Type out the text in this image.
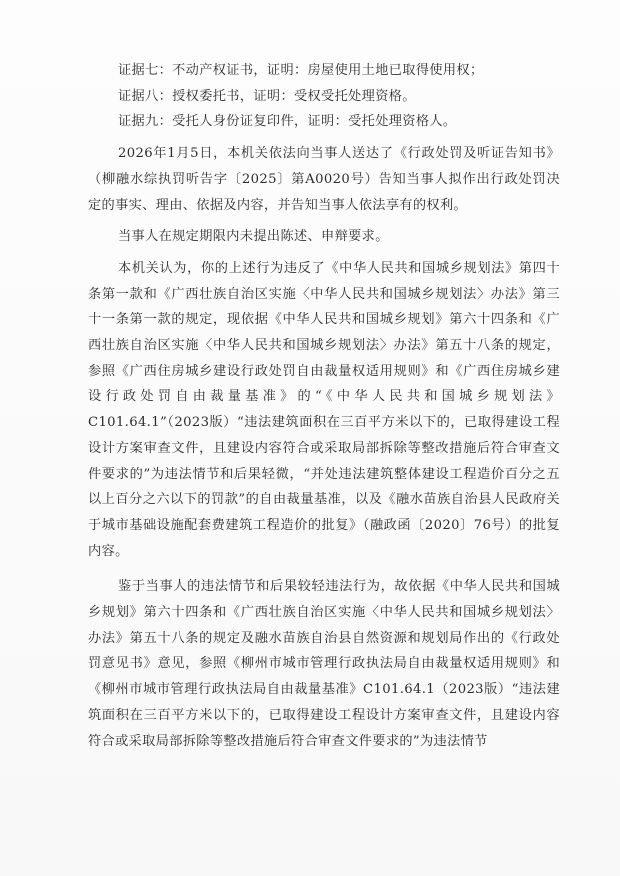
证据七：不动产权证书，证明：房屋使用土地已取得使用权；

证据八：授权委托书，证明：受权受托处理资格。

证据九：受托人身份证复印件，证明：受托处理资格人。

2026年1月5日，本机关依法向当事人送达了《行政处罚及听证告知书》（柳融水综执罚听告字〔2025〕第A0020号）告知当事人拟作出行政处罚决定的事实、理由、依据及内容，并告知当事人依法享有的权利。

当事人在规定期限内未提出陈述、申辩要求。

本机关认为，你的上述行为违反了《中华人民共和国城乡规划法》第四十条第一款和《广西壮族自治区实施〈中华人民共和国城乡规划法〉办法》第三十一条第一款的规定，现依据《中华人民共和国城乡规划》第六十四条和《广西壮族自治区实施〈中华人民共和国城乡规划法〉办法》第五十八条的规定，参照《广西住房城乡建设行政处罚自由裁量权适用规则》和《广西住房城乡建设行政处罚自由裁量基准》的“《中华人民共和国城乡规划法》C101.64.1”（2023版）“违法建筑面积在三百平方米以下的，已取得建设工程设计方案审查文件，且建设内容符合或采取局部拆除等整改措施后符合审查文件要求的”为违法情节和后果轻微，“并处违法建筑整体建设工程造价百分之五以上百分之六以下的罚款”的自由裁量基准，以及《融水苗族自治县人民政府关于城市基础设施配套费建筑工程造价的批复》（融政函〔2020〕76号）的批复内容。

鉴于当事人的违法情节和后果较轻违法行为，故依据《中华人民共和国城乡规划》第六十四条和《广西壮族自治区实施〈中华人民共和国城乡规划法〉办法》第五十八条的规定及融水苗族自治县自然资源和规划局作出的《行政处罚意见书》意见，参照《柳州市城市管理行政执法局自由裁量权适用规则》和《柳州市城市管理行政执法局自由裁量基准》C101.64.1（2023版）“违法建筑面积在三百平方米以下的，已取得建设工程设计方案审查文件，且建设内容符合或采取局部拆除等整改措施后符合审查文件要求的”为违法情节
